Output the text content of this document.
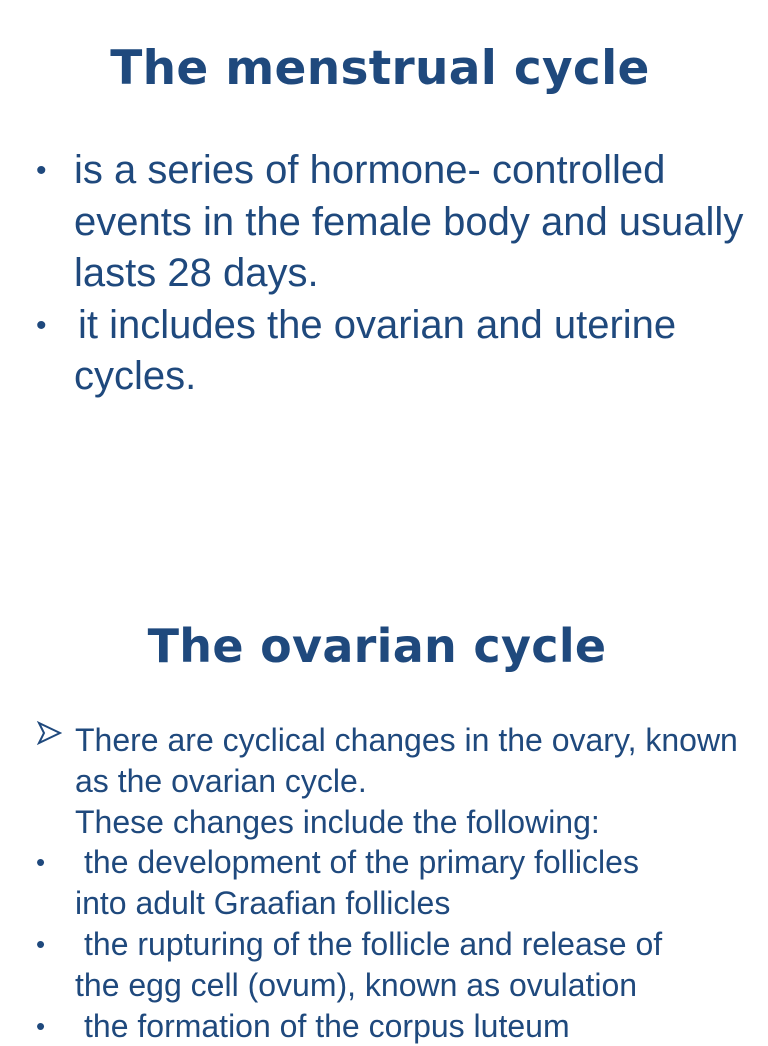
The menstrual cycle
• is a series of hormone- controlled events in the female body and usually lasts 28 days.
• it includes the ovarian and uterine cycles.
The ovarian cycle
There are cyclical changes in the ovary, known as the ovarian cycle.
These changes include the following:
• the development of the primary follicles
into adult Graafian follicles
• the rupturing of the follicle and release of
the egg cell (ovum), known as ovulation
• the formation of the corpus luteum
